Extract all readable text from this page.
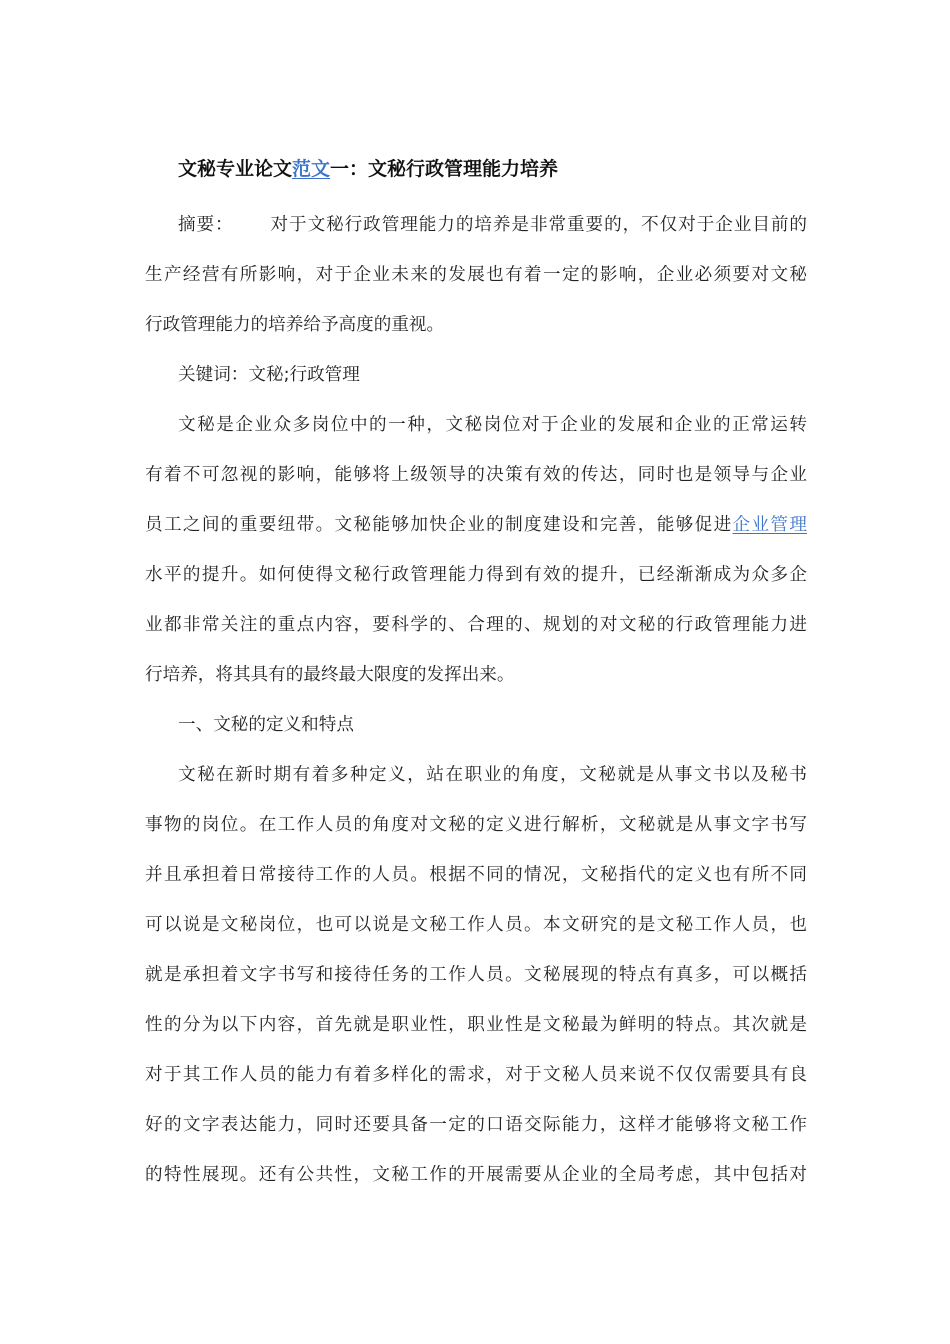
文秘专业论文范文一：文秘行政管理能力培养
摘要： 对于文秘行政管理能力的培养是非常重要的，不仅对于企业目前的
生产经营有所影响，对于企业未来的发展也有着一定的影响，企业必须要对文秘
行政管理能力的培养给予高度的重视。
关键词：文秘;行政管理
文秘是企业众多岗位中的一种，文秘岗位对于企业的发展和企业的正常运转
有着不可忽视的影响，能够将上级领导的决策有效的传达，同时也是领导与企业
员工之间的重要纽带。文秘能够加快企业的制度建设和完善，能够促进企业管理
水平的提升。如何使得文秘行政管理能力得到有效的提升，已经渐渐成为众多企
业都非常关注的重点内容，要科学的、合理的、规划的对文秘的行政管理能力进
行培养，将其具有的最终最大限度的发挥出来。
一、文秘的定义和特点
文秘在新时期有着多种定义，站在职业的角度，文秘就是从事文书以及秘书
事物的岗位。在工作人员的角度对文秘的定义进行解析，文秘就是从事文字书写
并且承担着日常接待工作的人员。根据不同的情况，文秘指代的定义也有所不同
可以说是文秘岗位，也可以说是文秘工作人员。本文研究的是文秘工作人员，也
就是承担着文字书写和接待任务的工作人员。文秘展现的特点有真多，可以概括
性的分为以下内容，首先就是职业性，职业性是文秘最为鲜明的特点。其次就是
对于其工作人员的能力有着多样化的需求，对于文秘人员来说不仅仅需要具有良
好的文字表达能力，同时还要具备一定的口语交际能力，这样才能够将文秘工作
的特性展现。还有公共性，文秘工作的开展需要从企业的全局考虑，其中包括对
